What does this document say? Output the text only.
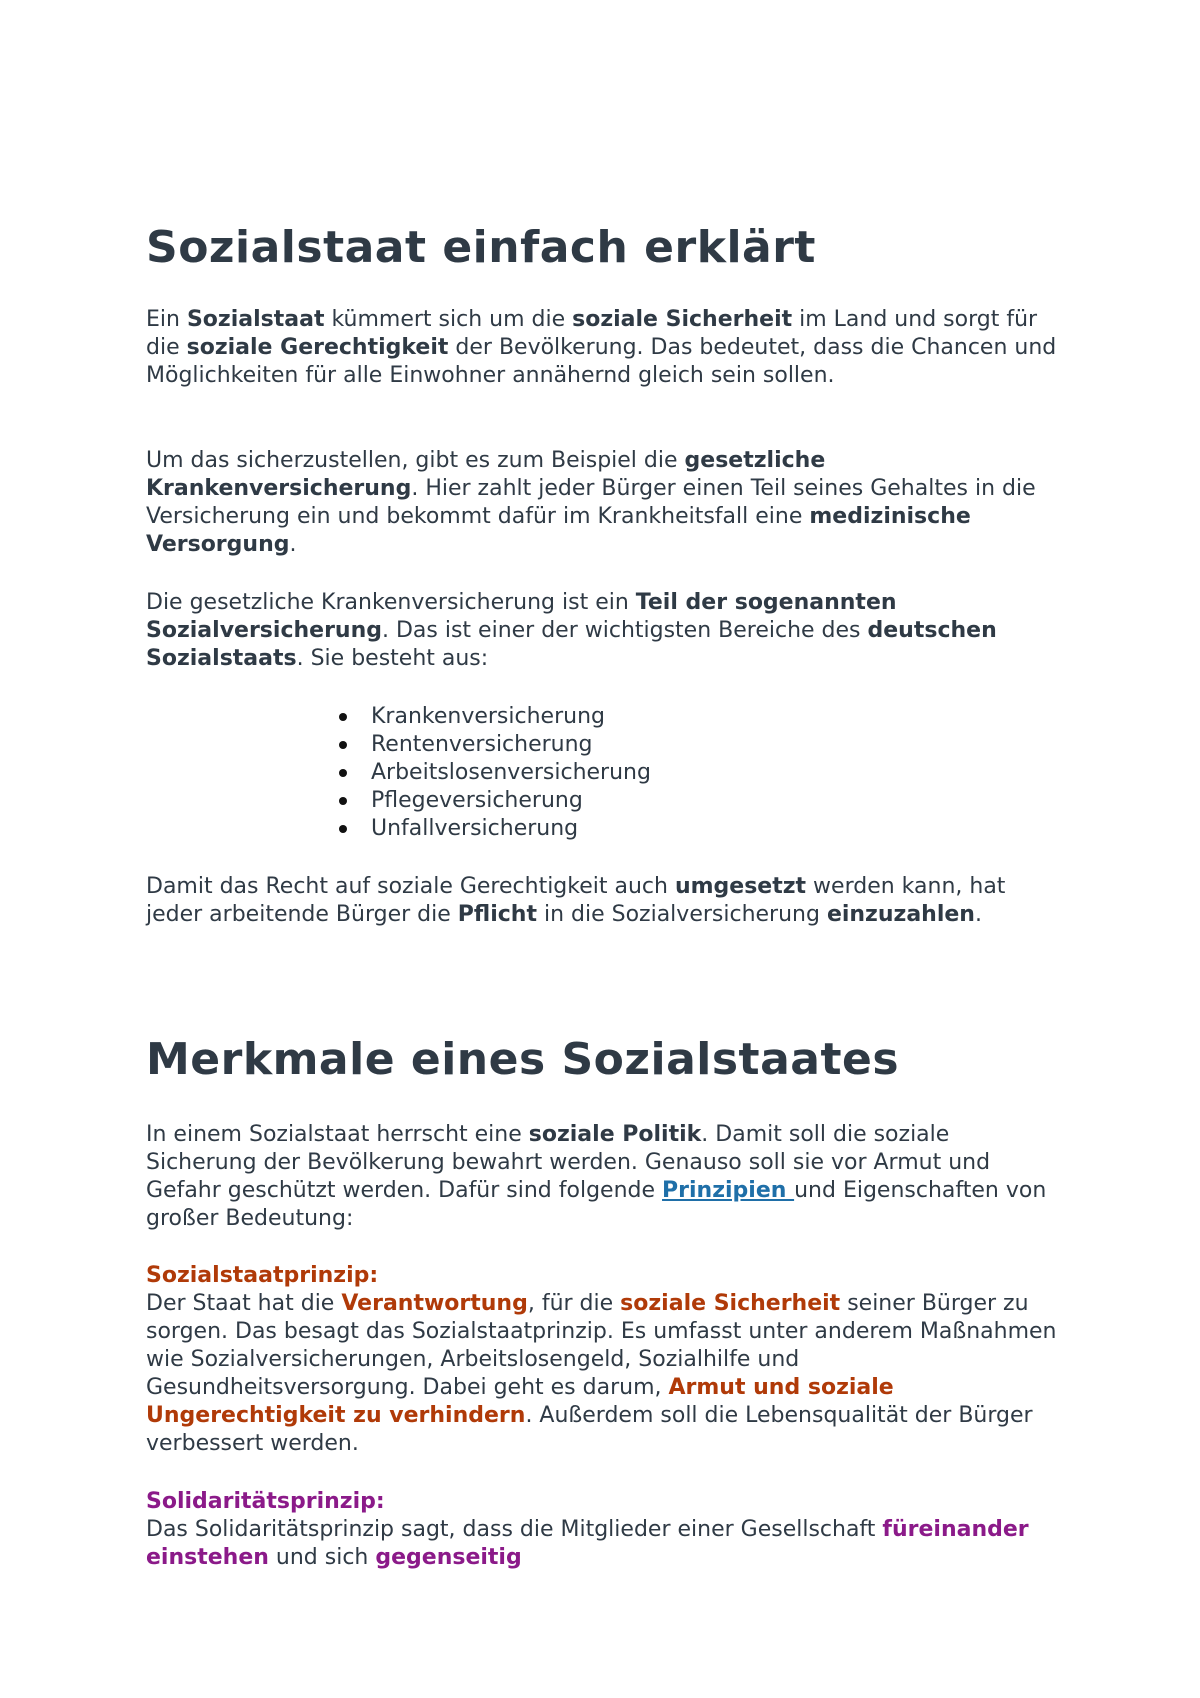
Sozialstaat einfach erklärt

Ein Sozialstaat kümmert sich um die soziale Sicherheit im Land und sorgt für die soziale Gerechtigkeit der Bevölkerung. Das bedeutet, dass die Chancen und Möglichkeiten für alle Einwohner annähernd gleich sein sollen.

Um das sicherzustellen, gibt es zum Beispiel die gesetzliche Krankenversicherung. Hier zahlt jeder Bürger einen Teil seines Gehaltes in die Versicherung ein und bekommt dafür im Krankheitsfall eine medizinische Versorgung.

Die gesetzliche Krankenversicherung ist ein Teil der sogenannten Sozialversicherung. Das ist einer der wichtigsten Bereiche des deutschen Sozialstaats. Sie besteht aus:

Krankenversicherung
Rentenversicherung
Arbeitslosenversicherung
Pflegeversicherung
Unfallversicherung

Damit das Recht auf soziale Gerechtigkeit auch umgesetzt werden kann, hat jeder arbeitende Bürger die Pflicht in die Sozialversicherung einzuzahlen.

Merkmale eines Sozialstaates

In einem Sozialstaat herrscht eine soziale Politik. Damit soll die soziale Sicherung der Bevölkerung bewahrt werden. Genauso soll sie vor Armut und Gefahr geschützt werden. Dafür sind folgende Prinzipien und Eigenschaften von großer Bedeutung:

Sozialstaatprinzip:
Der Staat hat die Verantwortung, für die soziale Sicherheit seiner Bürger zu sorgen. Das besagt das Sozialstaatprinzip. Es umfasst unter anderem Maßnahmen wie Sozialversicherungen, Arbeitslosengeld, Sozialhilfe und Gesundheitsversorgung. Dabei geht es darum, Armut und soziale Ungerechtigkeit zu verhindern. Außerdem soll die Lebensqualität der Bürger verbessert werden.

Solidaritätsprinzip:
Das Solidaritätsprinzip sagt, dass die Mitglieder einer Gesellschaft füreinander einstehen und sich gegenseitig
